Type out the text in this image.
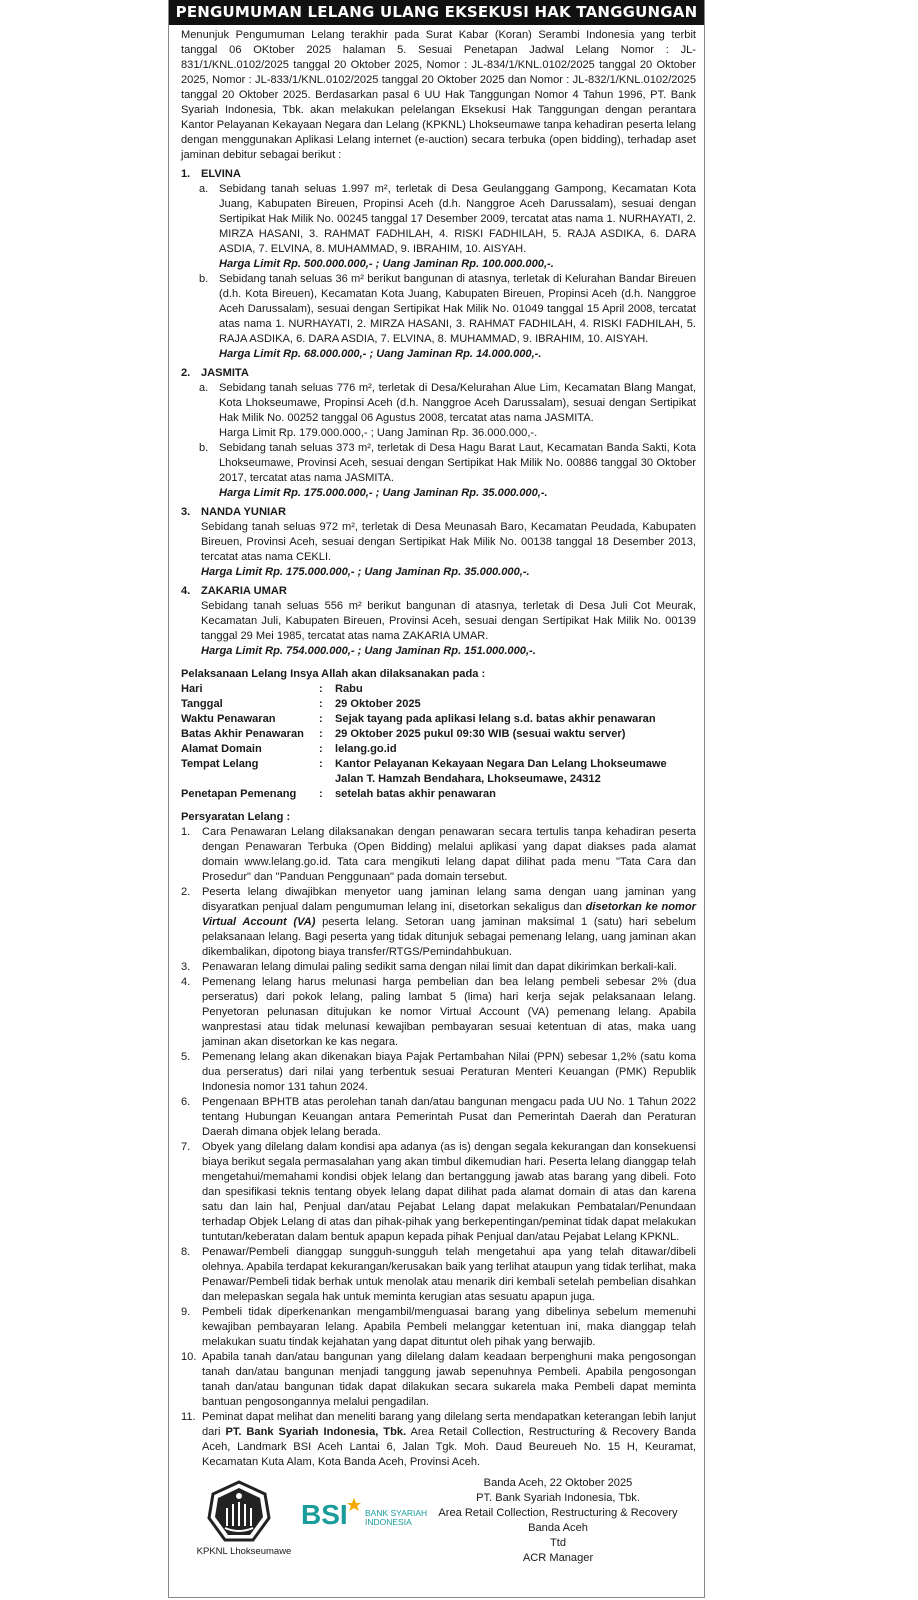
PENGUMUMAN LELANG ULANG EKSEKUSI HAK TANGGUNGAN

Menunjuk Pengumuman Lelang terakhir pada Surat Kabar (Koran) Serambi Indonesia yang terbit tanggal 06 OKtober 2025 halaman 5. Sesuai Penetapan Jadwal Lelang Nomor : JL-831/1/KNL.0102/2025 tanggal 20 Oktober 2025, Nomor : JL-834/1/KNL.0102/2025 tanggal 20 Oktober 2025, Nomor : JL-833/1/KNL.0102/2025 tanggal 20 Oktober 2025 dan Nomor : JL-832/1/KNL.0102/2025 tanggal 20 Oktober 2025. Berdasarkan pasal 6 UU Hak Tanggungan Nomor 4 Tahun 1996, PT. Bank Syariah Indonesia, Tbk. akan melakukan pelelangan Eksekusi Hak Tanggungan dengan perantara Kantor Pelayanan Kekayaan Negara dan Lelang (KPKNL) Lhokseumawe tanpa kehadiran peserta lelang dengan menggunakan Aplikasi Lelang internet (e-auction) secara terbuka (open bidding), terhadap aset jaminan debitur sebagai berikut :

1. ELVINA
a. Sebidang tanah seluas 1.997 m², terletak di Desa Geulanggang Gampong, Kecamatan Kota Juang, Kabupaten Bireuen, Propinsi Aceh (d.h. Nanggroe Aceh Darussalam), sesuai dengan Sertipikat Hak Milik No. 00245 tanggal 17 Desember 2009, tercatat atas nama 1. NURHAYATI, 2. MIRZA HASANI, 3. RAHMAT FADHILAH, 4. RISKI FADHILAH, 5. RAJA ASDIKA, 6. DARA ASDIA, 7. ELVINA, 8. MUHAMMAD, 9. IBRAHIM, 10. AISYAH.
Harga Limit Rp. 500.000.000,- ; Uang Jaminan Rp. 100.000.000,-.
b. Sebidang tanah seluas 36 m² berikut bangunan di atasnya, terletak di Kelurahan Bandar Bireuen (d.h. Kota Bireuen), Kecamatan Kota Juang, Kabupaten Bireuen, Propinsi Aceh (d.h. Nanggroe Aceh Darussalam), sesuai dengan Sertipikat Hak Milik No. 01049 tanggal 15 April 2008, tercatat atas nama 1. NURHAYATI, 2. MIRZA HASANI, 3. RAHMAT FADHILAH, 4. RISKI FADHILAH, 5. RAJA ASDIKA, 6. DARA ASDIA, 7. ELVINA, 8. MUHAMMAD, 9. IBRAHIM, 10. AISYAH.
Harga Limit Rp. 68.000.000,- ; Uang Jaminan Rp. 14.000.000,-.
2. JASMITA
a. Sebidang tanah seluas 776 m², terletak di Desa/Kelurahan Alue Lim, Kecamatan Blang Mangat, Kota Lhokseumawe, Propinsi Aceh (d.h. Nanggroe Aceh Darussalam), sesuai dengan Sertipikat Hak Milik No. 00252 tanggal 06 Agustus 2008, tercatat atas nama JASMITA.
Harga Limit Rp. 179.000.000,- ; Uang Jaminan Rp. 36.000.000,-.
b. Sebidang tanah seluas 373 m², terletak di Desa Hagu Barat Laut, Kecamatan Banda Sakti, Kota Lhokseumawe, Provinsi Aceh, sesuai dengan Sertipikat Hak Milik No. 00886 tanggal 30 Oktober 2017, tercatat atas nama JASMITA.
Harga Limit Rp. 175.000.000,- ; Uang Jaminan Rp. 35.000.000,-.
3. NANDA YUNIAR
Sebidang tanah seluas 972 m², terletak di Desa Meunasah Baro, Kecamatan Peudada, Kabupaten Bireuen, Provinsi Aceh, sesuai dengan Sertipikat Hak Milik No. 00138 tanggal 18 Desember 2013, tercatat atas nama CEKLI.
Harga Limit Rp. 175.000.000,- ; Uang Jaminan Rp. 35.000.000,-.
4. ZAKARIA UMAR
Sebidang tanah seluas 556 m² berikut bangunan di atasnya, terletak di Desa Juli Cot Meurak, Kecamatan Juli, Kabupaten Bireuen, Provinsi Aceh, sesuai dengan Sertipikat Hak Milik No. 00139 tanggal 29 Mei 1985, tercatat atas nama ZAKARIA UMAR.
Harga Limit Rp. 754.000.000,- ; Uang Jaminan Rp. 151.000.000,-.
Pelaksanaan Lelang Insya Allah akan dilaksanakan pada :
Hari	:	Rabu
Tanggal	:	29 Oktober 2025
Waktu Penawaran	:	Sejak tayang pada aplikasi lelang s.d. batas akhir penawaran
Batas Akhir Penawaran	:	29 Oktober 2025 pukul 09:30 WIB (sesuai waktu server)
Alamat Domain	:	lelang.go.id
Tempat Lelang	:	Kantor Pelayanan Kekayaan Negara Dan Lelang Lhokseumawe
Jalan T. Hamzah Bendahara, Lhokseumawe, 24312
Penetapan Pemenang	:	setelah batas akhir penawaran
Persyaratan Lelang :
1.	Cara Penawaran Lelang dilaksanakan dengan penawaran secara tertulis tanpa kehadiran peserta dengan Penawaran Terbuka (Open Bidding) melalui aplikasi yang dapat diakses pada alamat domain www.lelang.go.id. Tata cara mengikuti lelang dapat dilihat pada menu "Tata Cara dan Prosedur" dan "Panduan Penggunaan" pada domain tersebut.
2.	Peserta lelang diwajibkan menyetor uang jaminan lelang sama dengan uang jaminan yang disyaratkan penjual dalam pengumuman lelang ini, disetorkan sekaligus dan disetorkan ke nomor Virtual Account (VA) peserta lelang. Setoran uang jaminan maksimal 1 (satu) hari sebelum pelaksanaan lelang. Bagi peserta yang tidak ditunjuk sebagai pemenang lelang, uang jaminan akan dikembalikan, dipotong biaya transfer/RTGS/Pemindahbukuan.
3.	Penawaran lelang dimulai paling sedikit sama dengan nilai limit dan dapat dikirimkan berkali-kali.
4.	Pemenang lelang harus melunasi harga pembelian dan bea lelang pembeli sebesar 2% (dua perseratus) dari pokok lelang, paling lambat 5 (lima) hari kerja sejak pelaksanaan lelang. Penyetoran pelunasan ditujukan ke nomor Virtual Account (VA) pemenang lelang. Apabila wanprestasi atau tidak melunasi kewajiban pembayaran sesuai ketentuan di atas, maka uang jaminan akan disetorkan ke kas negara.
5.	Pemenang lelang akan dikenakan biaya Pajak Pertambahan Nilai (PPN) sebesar 1,2% (satu koma dua perseratus) dari nilai yang terbentuk sesuai Peraturan Menteri Keuangan (PMK) Republik Indonesia nomor 131 tahun 2024.
6.	Pengenaan BPHTB atas perolehan tanah dan/atau bangunan mengacu pada UU No. 1 Tahun 2022 tentang Hubungan Keuangan antara Pemerintah Pusat dan Pemerintah Daerah dan Peraturan Daerah dimana objek lelang berada.
7.	Obyek yang dilelang dalam kondisi apa adanya (as is) dengan segala kekurangan dan konsekuensi biaya berikut segala permasalahan yang akan timbul dikemudian hari. Peserta lelang dianggap telah mengetahui/memahami kondisi objek lelang dan bertanggung jawab atas barang yang dibeli. Foto dan spesifikasi teknis tentang obyek lelang dapat dilihat pada alamat domain di atas dan karena satu dan lain hal, Penjual dan/atau Pejabat Lelang dapat melakukan Pembatalan/Penundaan terhadap Objek Lelang di atas dan pihak-pihak yang berkepentingan/peminat tidak dapat melakukan tuntutan/keberatan dalam bentuk apapun kepada pihak Penjual dan/atau Pejabat Lelang KPKNL.
8.	Penawar/Pembeli dianggap sungguh-sungguh telah mengetahui apa yang telah ditawar/dibeli olehnya. Apabila terdapat kekurangan/kerusakan baik yang terlihat ataupun yang tidak terlihat, maka Penawar/Pembeli tidak berhak untuk menolak atau menarik diri kembali setelah pembelian disahkan dan melepaskan segala hak untuk meminta kerugian atas sesuatu apapun juga.
9.	Pembeli tidak diperkenankan mengambil/menguasai barang yang dibelinya sebelum memenuhi kewajiban pembayaran lelang. Apabila Pembeli melanggar ketentuan ini, maka dianggap telah melakukan suatu tindak kejahatan yang dapat dituntut oleh pihak yang berwajib.
10. Apabila tanah dan/atau bangunan yang dilelang dalam keadaan berpenghuni maka pengosongan tanah dan/atau bangunan menjadi tanggung jawab sepenuhnya Pembeli. Apabila pengosongan tanah dan/atau bangunan tidak dapat dilakukan secara sukarela maka Pembeli dapat meminta bantuan pengosongannya melalui pengadilan.
11. Peminat dapat melihat dan meneliti barang yang dilelang serta mendapatkan keterangan lebih lanjut dari PT. Bank Syariah Indonesia, Tbk. Area Retail Collection, Restructuring & Recovery Banda Aceh, Landmark BSI Aceh Lantai 6, Jalan Tgk. Moh. Daud Beureueh No. 15 H, Keuramat, Kecamatan Kuta Alam, Kota Banda Aceh, Provinsi Aceh.
KPKNL Lhokseumawe
BSI BANK SYARIAH
INDONESIA
Banda Aceh, 22 Oktober 2025
PT. Bank Syariah Indonesia, Tbk.
Area Retail Collection, Restructuring & Recovery
Banda Aceh
Ttd
ACR Manager
